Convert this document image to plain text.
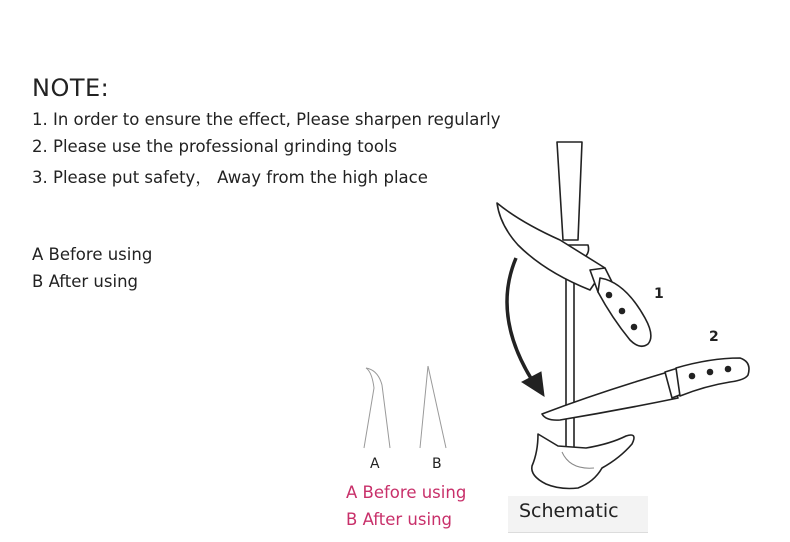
NOTE:
1. In order to ensure the effect, Please sharpen regularly
2. Please use the professional grinding tools
3. Please put safety， Away from the high place
A Before using
B After using
A	B
A Before using
B After using
1
2
Schematic
